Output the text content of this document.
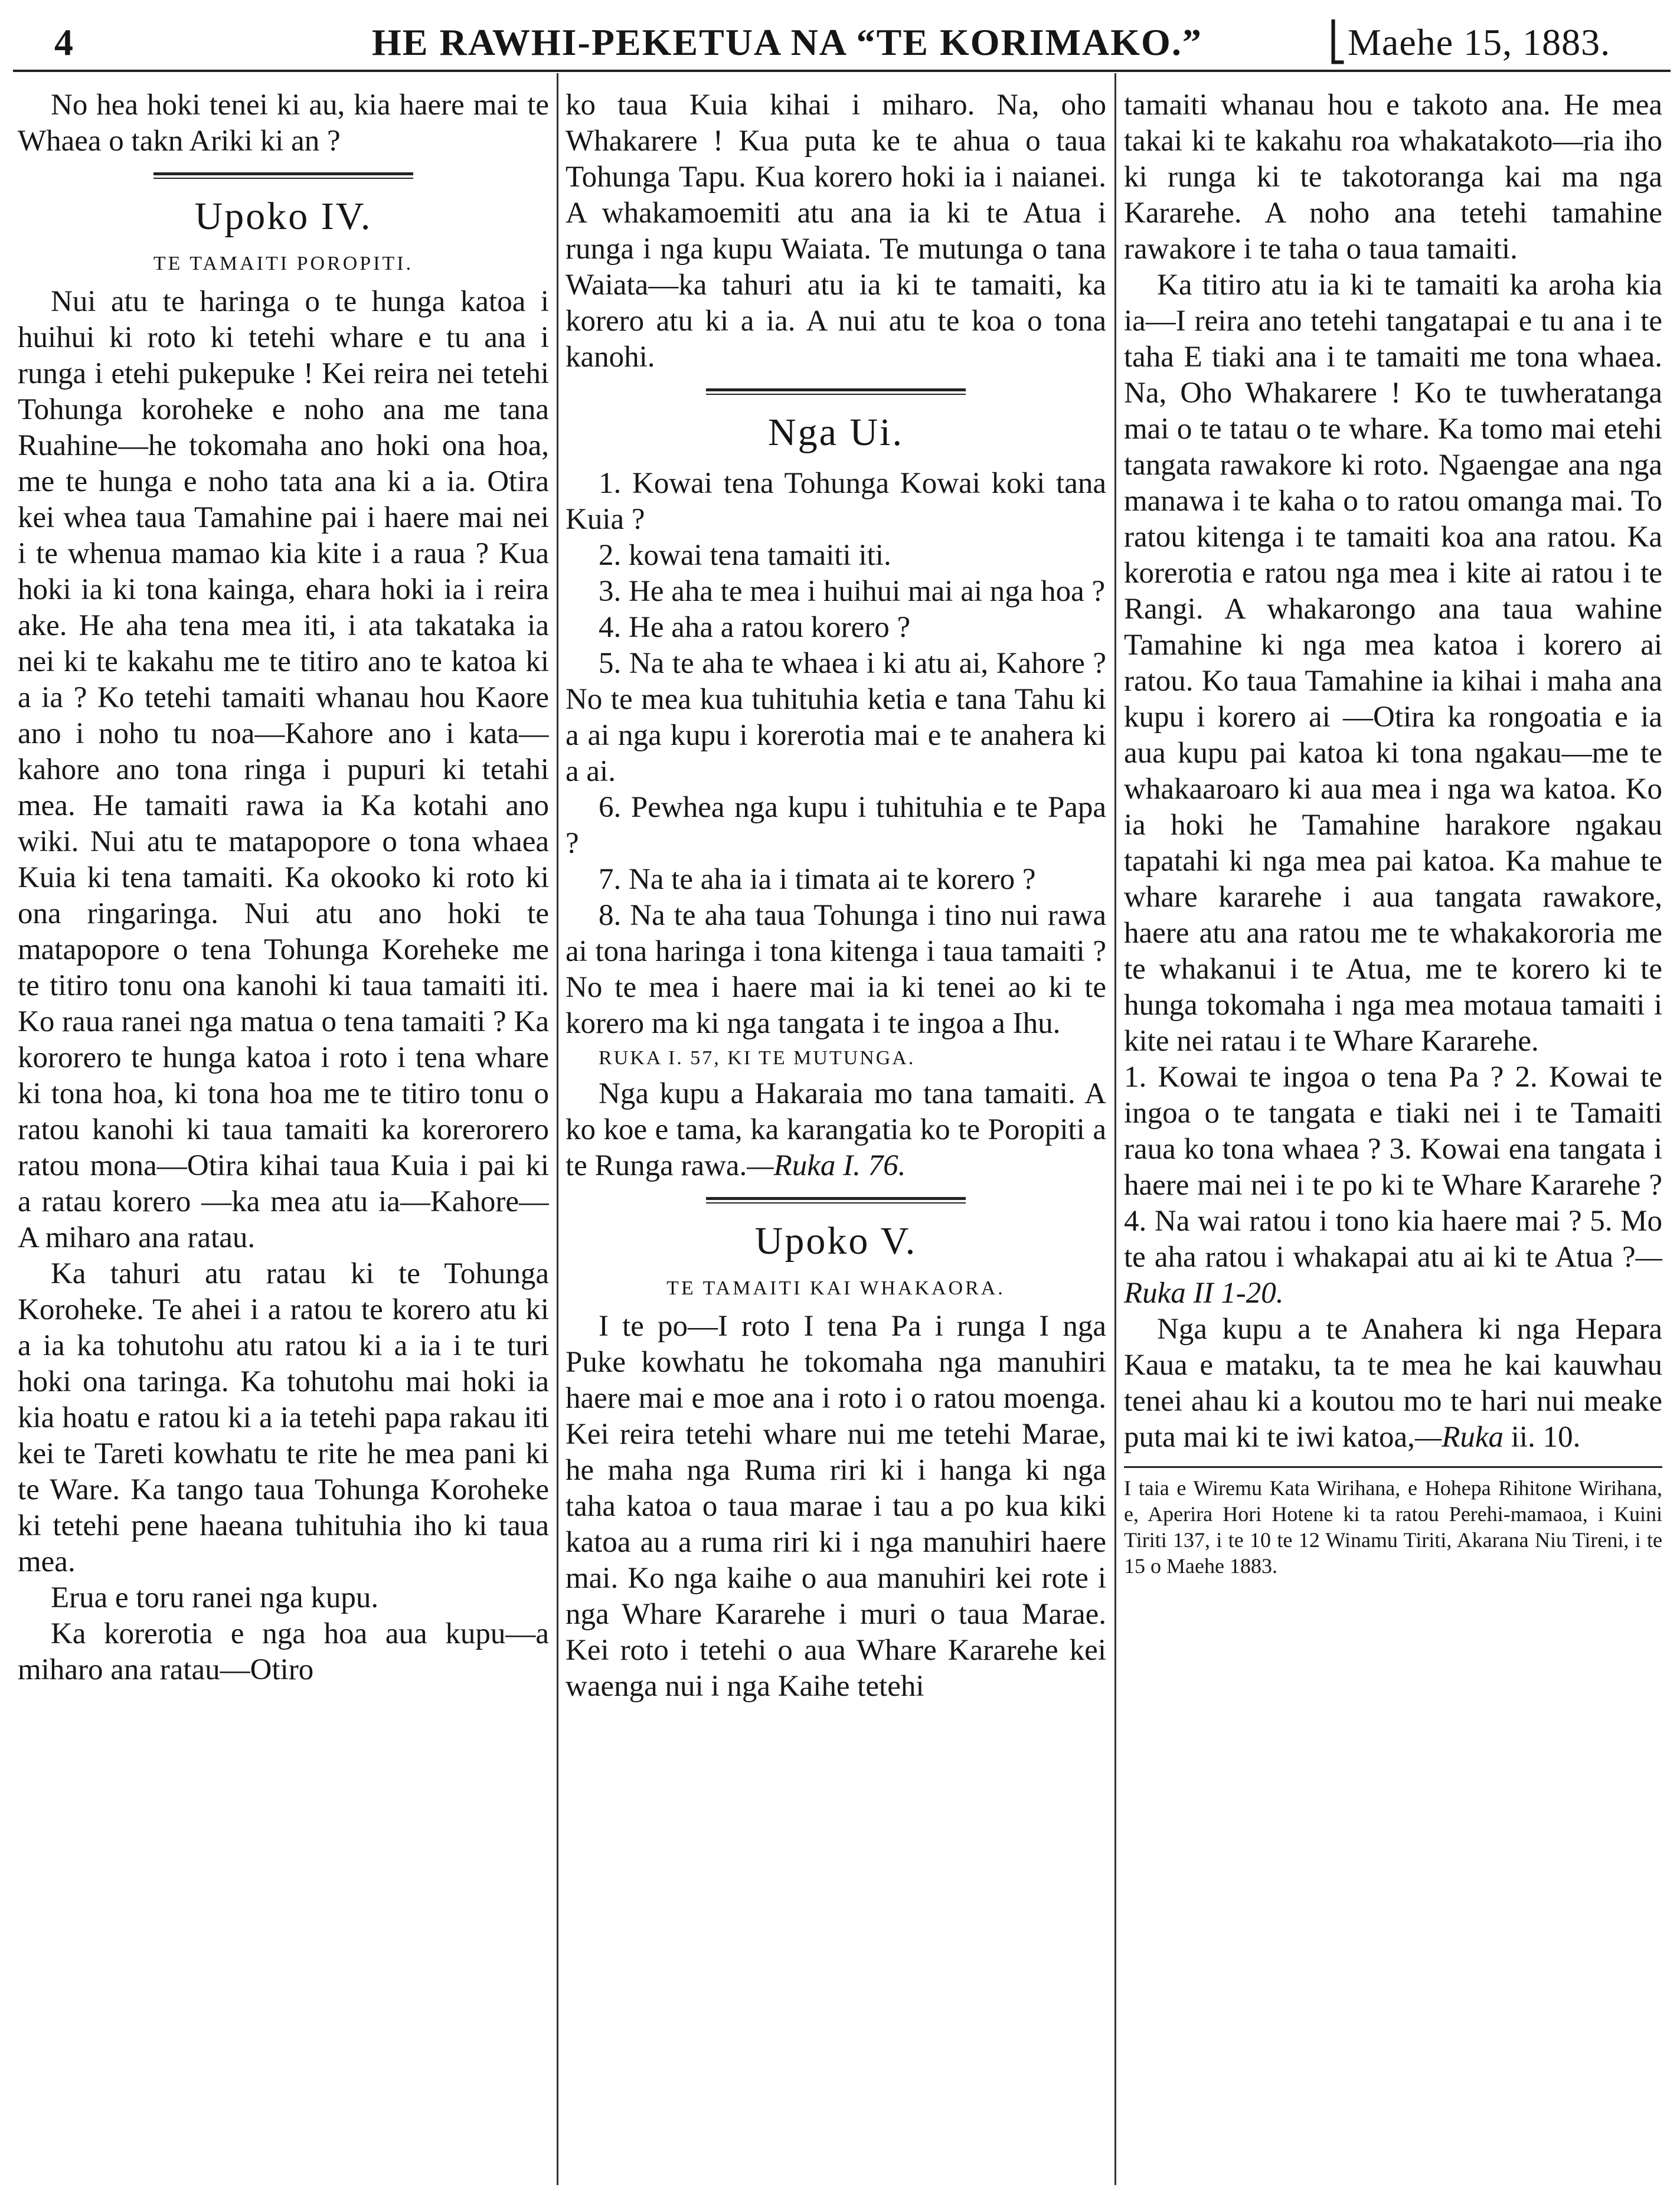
4	HE RAWHI-PEKETUA NA “TE KORIMAKO.”	⎣Maehe 15, 1883.

No hea hoki tenei ki au, kia haere mai te Whaea o takn Ariki ki an ?

Upoko IV.
TE TAMAITI POROPITI.

Nui atu te haringa o te hunga katoa i huihui ki roto ki tetehi whare e tu ana i runga i etehi pukepuke ! Kei reira nei tetehi Tohunga koroheke e noho ana me tana Ruahine—he tokomaha ano hoki ona hoa, me te hunga e noho tata ana ki a ia. Otira kei whea taua Tamahine pai i haere mai nei i te whenua mamao kia kite i a raua ? Kua hoki ia ki tona kainga, ehara hoki ia i reira ake. He aha tena mea iti, i ata takataka ia nei ki te kakahu me te titiro ano te katoa ki a ia ? Ko tetehi tamaiti whanau hou Kaore ano i noho tu noa—Kahore ano i kata—kahore ano tona ringa i pupuri ki tetahi mea. He tamaiti rawa ia Ka kotahi ano wiki. Nui atu te matapopore o tona whaea Kuia ki tena tamaiti. Ka okooko ki roto ki ona ringaringa. Nui atu ano hoki te matapopore o tena Tohunga Koreheke me te titiro tonu ona kanohi ki taua tamaiti iti. Ko raua ranei nga matua o tena tamaiti ? Ka kororero te hunga katoa i roto i tena whare ki tona hoa, ki tona hoa me te titiro tonu o ratou kanohi ki taua tamaiti ka korerorero ratou mona—Otira kihai taua Kuia i pai ki a ratau korero —ka mea atu ia—Kahore—A miharo ana ratau.

Ka tahuri atu ratau ki te Tohunga Koroheke. Te ahei i a ratou te korero atu ki a ia ka tohutohu atu ratou ki a ia i te turi hoki ona taringa. Ka tohutohu mai hoki ia kia hoatu e ratou ki a ia tetehi papa rakau iti kei te Tareti kowhatu te rite he mea pani ki te Ware. Ka tango taua Tohunga Koroheke ki tetehi pene haeana tuhituhia iho ki taua mea.

Erua e toru ranei nga kupu.

Ka korerotia e nga hoa aua kupu—a miharo ana ratau—Otiro

ko taua Kuia kihai i miharo. Na, oho Whakarere ! Kua puta ke te ahua o taua Tohunga Tapu. Kua korero hoki ia i naianei. A whakamoemiti atu ana ia ki te Atua i runga i nga kupu Waiata. Te mutunga o tana Waiata—ka tahuri atu ia ki te tamaiti, ka korero atu ki a ia. A nui atu te koa o tona kanohi.

Nga Ui.
1. Kowai tena Tohunga Kowai koki tana Kuia ?
2. kowai tena tamaiti iti.
3. He aha te mea i huihui mai ai nga hoa ?
4. He aha a ratou korero ?
5. Na te aha te whaea i ki atu ai, Kahore ? No te mea kua tuhituhia ketia e tana Tahu ki a ai nga kupu i korerotia mai e te anahera ki a ai.
6. Pewhea nga kupu i tuhituhia e te Papa ?
7. Na te aha ia i timata ai te korero ?
8. Na te aha taua Tohunga i tino nui rawa ai tona haringa i tona kitenga i taua tamaiti ? No te mea i haere mai ia ki tenei ao ki te korero ma ki nga tangata i te ingoa a Ihu.
RUKA I. 57, KI TE MUTUNGA.

Nga kupu a Hakaraia mo tana tamaiti. A ko koe e tama, ka karangatia ko te Poropiti a te Runga rawa.—Ruka I. 76.

Upoko V.
TE TAMAITI KAI WHAKAORA.

I te po—I roto I tena Pa i runga I nga Puke kowhatu he tokomaha nga manuhiri haere mai e moe ana i roto i o ratou moenga. Kei reira tetehi whare nui me tetehi Marae, he maha nga Ruma riri ki i hanga ki nga taha katoa o taua marae i tau a po kua kiki katoa au a ruma riri ki i nga manuhiri haere mai. Ko nga kaihe o aua manuhiri kei rote i nga Whare Kararehe i muri o taua Marae. Kei roto i tetehi o aua Whare Kararehe kei waenga nui i nga Kaihe tetehi

tamaiti whanau hou e takoto ana. He mea takai ki te kakahu roa whakatakoto—ria iho ki runga ki te takotoranga kai ma nga Kararehe. A noho ana tetehi tamahine rawakore i te taha o taua tamaiti.

Ka titiro atu ia ki te tamaiti ka aroha kia ia—I reira ano tetehi tangatapai e tu ana i te taha E tiaki ana i te tamaiti me tona whaea. Na, Oho Whakarere ! Ko te tuwheratanga mai o te tatau o te whare. Ka tomo mai etehi tangata rawakore ki roto. Ngaengae ana nga manawa i te kaha o to ratou omanga mai. To ratou kitenga i te tamaiti koa ana ratou. Ka korerotia e ratou nga mea i kite ai ratou i te Rangi. A whakarongo ana taua wahine Tamahine ki nga mea katoa i korero ai ratou. Ko taua Tamahine ia kihai i maha ana kupu i korero ai —Otira ka rongoatia e ia aua kupu pai katoa ki tona ngakau—me te whakaaroaro ki aua mea i nga wa katoa. Ko ia hoki he Tamahine harakore ngakau tapatahi ki nga mea pai katoa. Ka mahue te whare kararehe i aua tangata rawakore, haere atu ana ratou me te whakakororia me te whakanui i te Atua, me te korero ki te hunga tokomaha i nga mea motaua tamaiti i kite nei ratau i te Whare Kararehe.

1. Kowai te ingoa o tena Pa ? 2. Kowai te ingoa o te tangata e tiaki nei i te Tamaiti raua ko tona whaea ? 3. Kowai ena tangata i haere mai nei i te po ki te Whare Kararehe ? 4. Na wai ratou i tono kia haere mai ? 5. Mo te aha ratou i whakapai atu ai ki te Atua ?—Ruka II 1-20.

Nga kupu a te Anahera ki nga Hepara Kaua e mataku, ta te mea he kai kauwhau tenei ahau ki a koutou mo te hari nui meake puta mai ki te iwi katoa,—Ruka ii. 10.

I taia e Wiremu Kata Wirihana, e Hohepa Rihitone Wirihana, e, Aperira Hori Hotene ki ta ratou Perehi-mamaoa, i Kuini Tiriti 137, i te 10 te 12 Winamu Tiriti, Akarana Niu Tireni, i te 15 o Maehe 1883.
